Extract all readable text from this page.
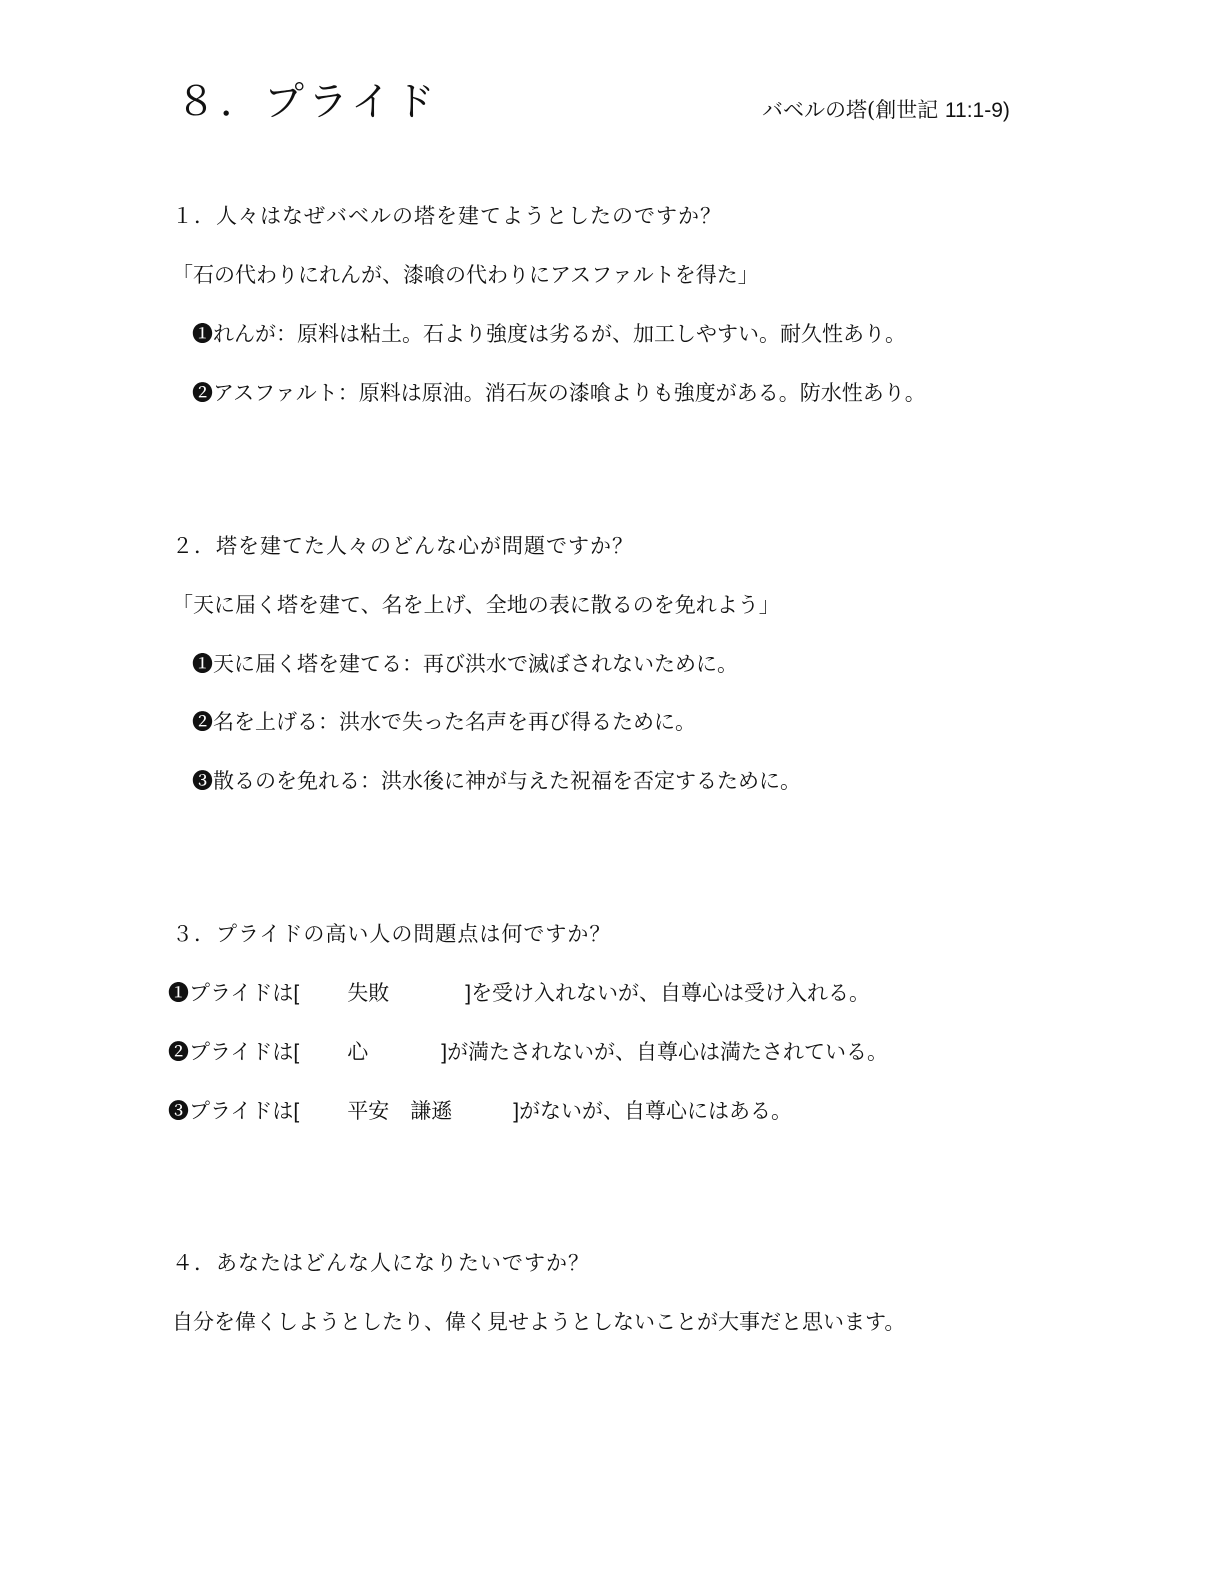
８．プライド	バベルの塔(創世記 11:1-9)
１．人々はなぜバベルの塔を建てようとしたのですか？
「石の代わりにれんが、漆喰の代わりにアスファルトを得た」
❶れんが：原料は粘土。石より強度は劣るが、加工しやすい。耐久性あり。
❷アスファルト：原料は原油。消石灰の漆喰よりも強度がある。防水性あり。
２．塔を建てた人々のどんな心が問題ですか？
「天に届く塔を建て、名を上げ、全地の表に散るのを免れよう」
❶天に届く塔を建てる：再び洪水で滅ぼされないために。
❷名を上げる：洪水で失った名声を再び得るために。
❸散るのを免れる：洪水後に神が与えた祝福を否定するために。
３．プライドの高い人の問題点は何ですか？
❶プライドは[ 失敗	]を受け入れないが、自尊心は受け入れる。
❷プライドは[ 心	]が満たされないが、自尊心は満たされている。
❸プライドは[ 平安　謙遜	]がないが、自尊心にはある。
４．あなたはどんな人になりたいですか？
自分を偉くしようとしたり、偉く見せようとしないことが大事だと思います。
